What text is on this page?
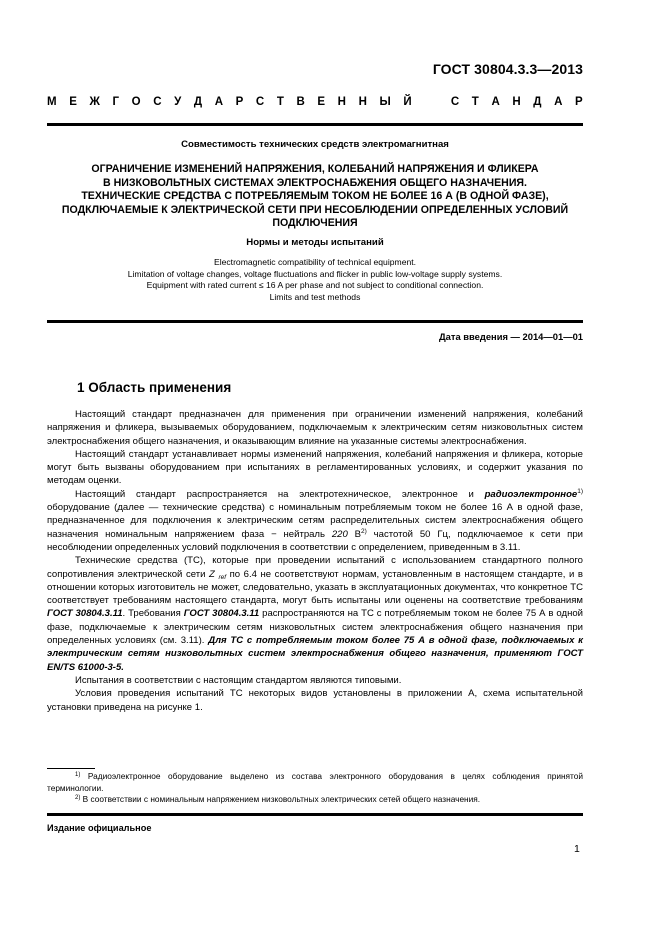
ГОСТ 30804.3.3—2013
М Е Ж Г О С У Д А Р С Т В Е Н Н Ы Й	С Т А Н Д А Р
Совместимость технических средств электромагнитная
ОГРАНИЧЕНИЕ ИЗМЕНЕНИЙ НАПРЯЖЕНИЯ, КОЛЕБАНИЙ НАПРЯЖЕНИЯ И ФЛИКЕРА
В НИЗКОВОЛЬТНЫХ СИСТЕМАХ ЭЛЕКТРОСНАБЖЕНИЯ ОБЩЕГО НАЗНАЧЕНИЯ.
ТЕХНИЧЕСКИЕ СРЕДСТВА С ПОТРЕБЛЯЕМЫМ ТОКОМ НЕ БОЛЕЕ 16 А (В ОДНОЙ ФАЗЕ),
ПОДКЛЮЧАЕМЫЕ К ЭЛЕКТРИЧЕСКОЙ СЕТИ ПРИ НЕСОБЛЮДЕНИИ ОПРЕДЕЛЕННЫХ УСЛОВИЙ
ПОДКЛЮЧЕНИЯ
Нормы и методы испытаний
Electromagnetic compatibility of technical equipment.
Limitation of voltage changes, voltage fluctuations and flicker in public low-voltage supply systems.
Equipment with rated current ≤ 16 A per phase and not subject to conditional connection.
Limits and test methods
Дата введения — 2014—01—01
1 Область применения

Настоящий стандарт предназначен для применения при ограничении изменений напряжения, колебаний напряжения и фликера, вызываемых оборудованием, подключаемым к электрическим сетям низковольтных систем электроснабжения общего назначения, и оказывающим влияние на указанные системы электроснабжения.

Настоящий стандарт устанавливает нормы изменений напряжения, колебаний напряжения и фликера, которые могут быть вызваны оборудованием при испытаниях в регламентированных условиях, и содержит указания по методам оценки.

Настоящий стандарт распространяется на электротехническое, электронное и радиоэлектронное$^{1)}$ оборудование (далее — технические средства) с номинальным потребляемым током не более 16 А в одной фазе, предназначенное для подключения к электрическим сетям распределительных систем электроснабжения общего назначения номинальным напряжением фаза − нейтраль 220 $В^{2)}$ частотой 50 Гц, подключаемое к сети при несоблюдении определенных условий подключения в соответствии с определением, приведенным в 3.11.

Технические средства (ТС), которые при проведении испытаний с использованием стандартного полного сопротивления электрической сети Z $_{ref}$ по 6.4 не соответствуют нормам, установленным в настоящем стандарте, и в отношении которых изготовитель не может, следовательно, указать в эксплуатационных документах, что конкретное ТС соответствует требованиям настоящего стандарта, могут быть испытаны или оценены на соответствие требованиям ГОСТ 30804.3.11. Требования ГОСТ 30804.3.11 распространяются на ТС с потребляемым током не более 75 А в одной фазе, подключаемые к электрическим сетям низковольтных систем электроснабжения общего назначения при определенных условиях (см. 3.11). Для ТС с потребляемым током более 75 А в одной фазе, подключаемых к электрическим сетям низковольтных систем электроснабжения общего назначения, применяют ГОСТ EN/TS 61000-3-5.

Испытания в соответствии с настоящим стандартом являются типовыми.

Условия проведения испытаний ТС некоторых видов установлены в приложении А, схема испытательной установки приведена на рисунке 1.

$^{1)}$ Радиоэлектронное оборудование выделено из состава электронного оборудования в целях соблюдения принятой терминологии.

$^{2)}$ В соответствии с номинальным напряжением низковольтных электрических сетей общего назначения.

Издание официальное
1
